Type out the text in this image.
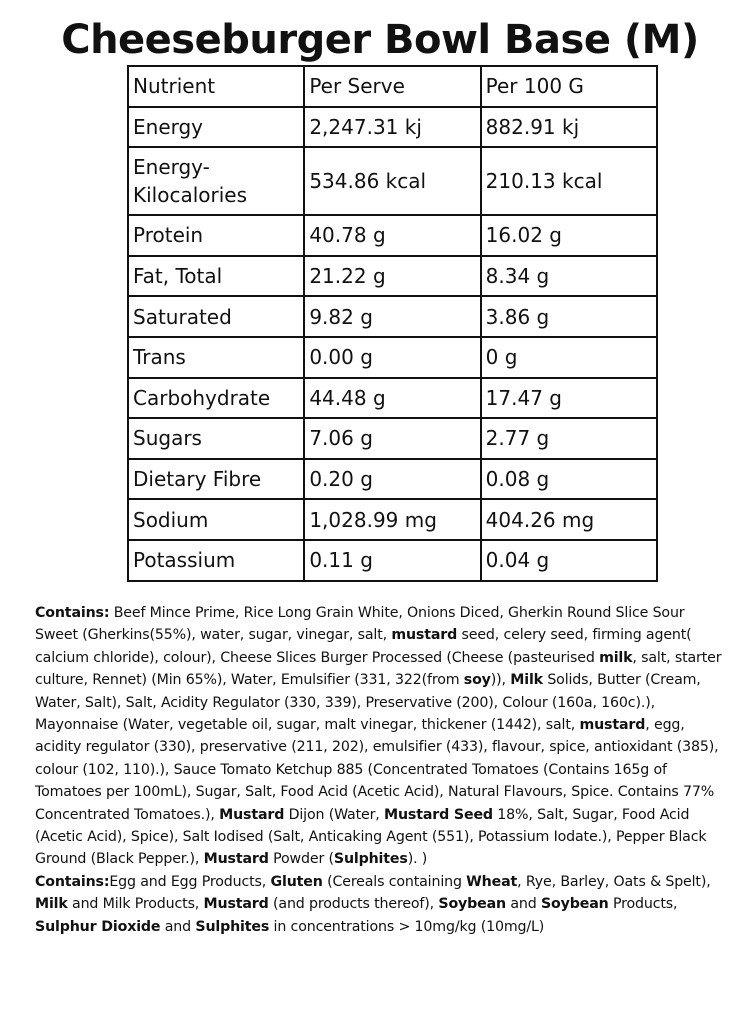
Cheeseburger Bowl Base (M)
Nutrient	Per Serve	Per 100 G
Energy	2,247.31 kj	882.91 kj
Energy-Kilocalories	534.86 kcal	210.13 kcal
Protein	40.78 g	16.02 g
Fat, Total	21.22 g	8.34 g
Saturated	9.82 g	3.86 g
Trans	0.00 g	0 g
Carbohydrate	44.48 g	17.47 g
Sugars	7.06 g	2.77 g
Dietary Fibre	0.20 g	0.08 g
Sodium	1,028.99 mg	404.26 mg
Potassium	0.11 g	0.04 g

Contains: Beef Mince Prime, Rice Long Grain White, Onions Diced, Gherkin Round Slice Sour Sweet (Gherkins(55%), water, sugar, vinegar, salt, mustard seed, celery seed, firming agent( calcium chloride), colour), Cheese Slices Burger Processed (Cheese (pasteurised milk, salt, starter culture, Rennet) (Min 65%), Water, Emulsifier (331, 322(from soy)), Milk Solids, Butter (Cream, Water, Salt), Salt, Acidity Regulator (330, 339), Preservative (200), Colour (160a, 160c).), Mayonnaise (Water, vegetable oil, sugar, malt vinegar, thickener (1442), salt, mustard, egg, acidity regulator (330), preservative (211, 202), emulsifier (433), flavour, spice, antioxidant (385), colour (102, 110).), Sauce Tomato Ketchup 885 (Concentrated Tomatoes (Contains 165g of Tomatoes per 100mL), Sugar, Salt, Food Acid (Acetic Acid), Natural Flavours, Spice. Contains 77% Concentrated Tomatoes.), Mustard Dijon (Water, Mustard Seed 18%, Salt, Sugar, Food Acid (Acetic Acid), Spice), Salt Iodised (Salt, Anticaking Agent (551), Potassium Iodate.), Pepper Black Ground (Black Pepper.), Mustard Powder (Sulphites). )

Contains:Egg and Egg Products, Gluten (Cereals containing Wheat, Rye, Barley, Oats & Spelt), Milk and Milk Products, Mustard (and products thereof), Soybean and Soybean Products, Sulphur Dioxide and Sulphites in concentrations > 10mg/kg (10mg/L)
